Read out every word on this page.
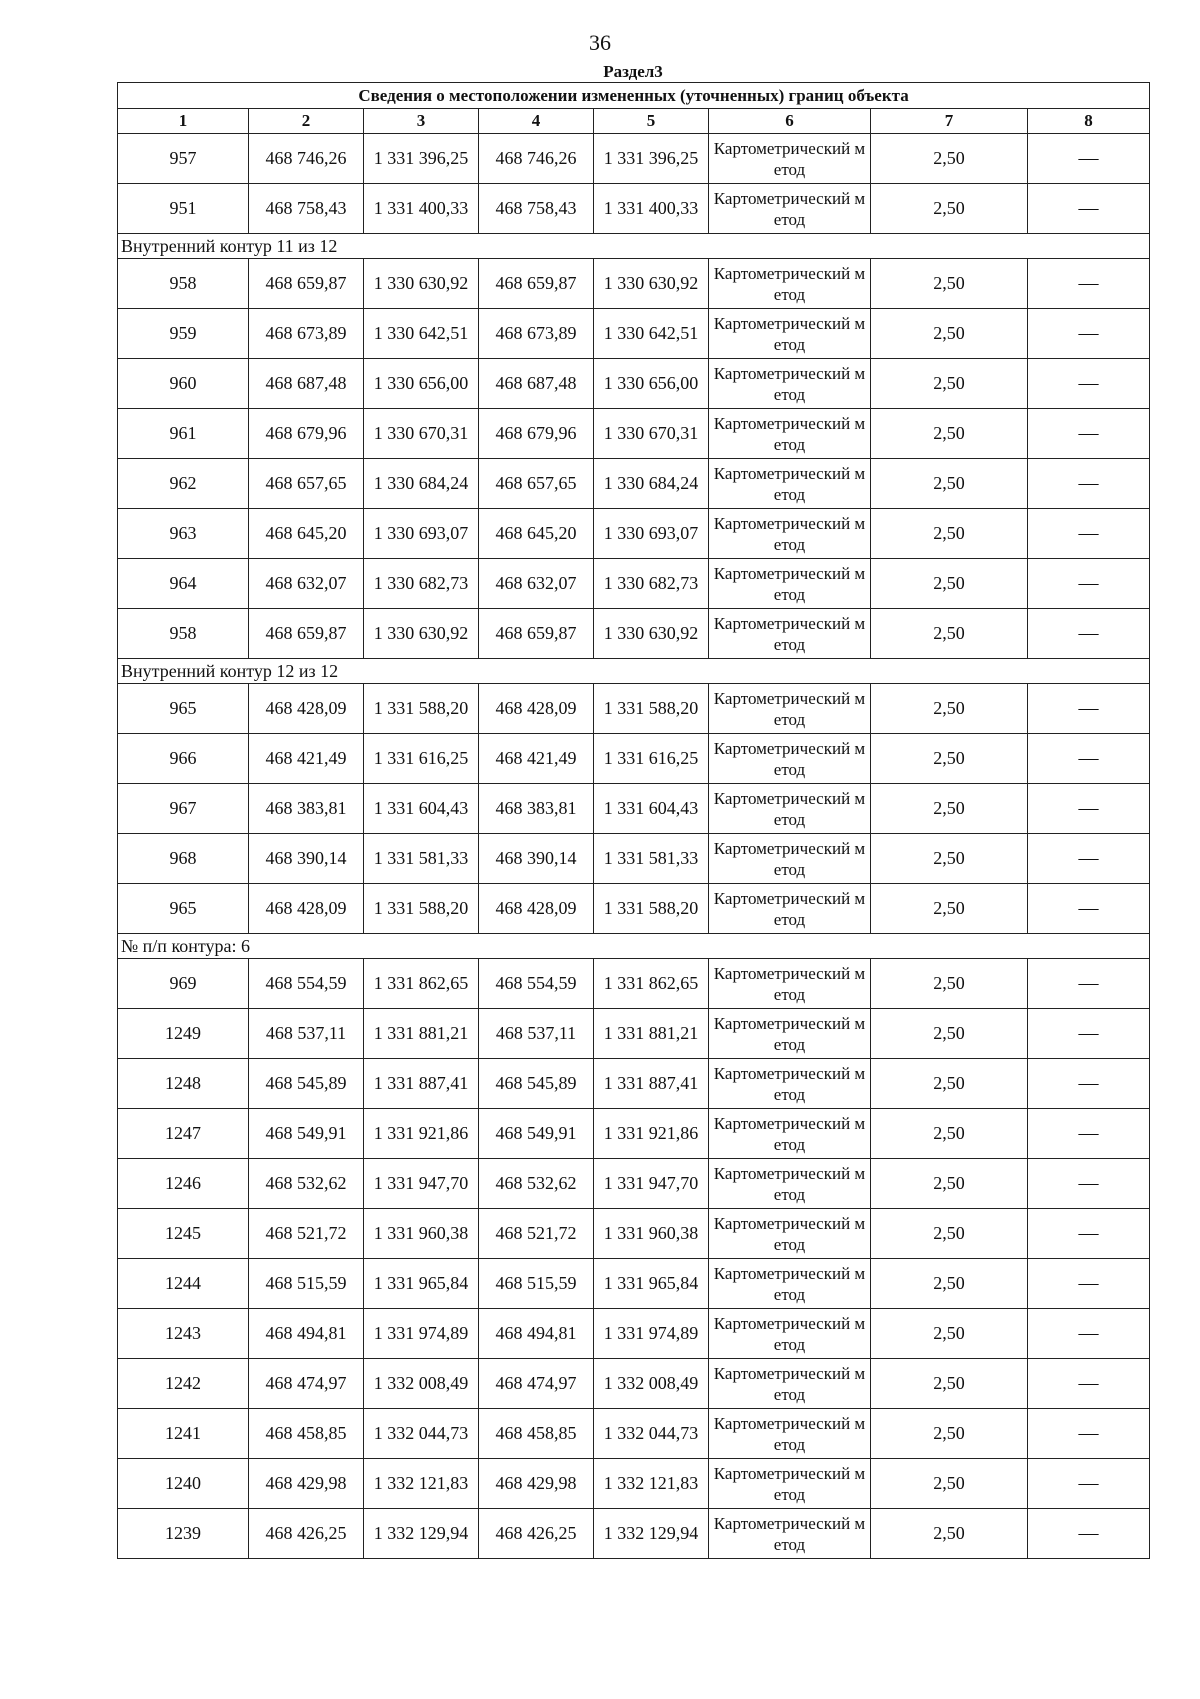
36
Раздел3
Сведения о местоположении измененных (уточненных) границ объекта							
1	2	3	4	5	6	7	8
957	468 746,26	1 331 396,25	468 746,26	1 331 396,25	Картометрический метод	2,50	—
951	468 758,43	1 331 400,33	468 758,43	1 331 400,33	Картометрический метод	2,50	—
Внутренний контур 11 из 12							
958	468 659,87	1 330 630,92	468 659,87	1 330 630,92	Картометрический метод	2,50	—
959	468 673,89	1 330 642,51	468 673,89	1 330 642,51	Картометрический метод	2,50	—
960	468 687,48	1 330 656,00	468 687,48	1 330 656,00	Картометрический метод	2,50	—
961	468 679,96	1 330 670,31	468 679,96	1 330 670,31	Картометрический метод	2,50	—
962	468 657,65	1 330 684,24	468 657,65	1 330 684,24	Картометрический метод	2,50	—
963	468 645,20	1 330 693,07	468 645,20	1 330 693,07	Картометрический метод	2,50	—
964	468 632,07	1 330 682,73	468 632,07	1 330 682,73	Картометрический метод	2,50	—
958	468 659,87	1 330 630,92	468 659,87	1 330 630,92	Картометрический метод	2,50	—
Внутренний контур 12 из 12							
965	468 428,09	1 331 588,20	468 428,09	1 331 588,20	Картометрический метод	2,50	—
966	468 421,49	1 331 616,25	468 421,49	1 331 616,25	Картометрический метод	2,50	—
967	468 383,81	1 331 604,43	468 383,81	1 331 604,43	Картометрический метод	2,50	—
968	468 390,14	1 331 581,33	468 390,14	1 331 581,33	Картометрический метод	2,50	—
965	468 428,09	1 331 588,20	468 428,09	1 331 588,20	Картометрический метод	2,50	—
№ п/п контура: 6							
969	468 554,59	1 331 862,65	468 554,59	1 331 862,65	Картометрический метод	2,50	—
1249	468 537,11	1 331 881,21	468 537,11	1 331 881,21	Картометрический метод	2,50	—
1248	468 545,89	1 331 887,41	468 545,89	1 331 887,41	Картометрический метод	2,50	—
1247	468 549,91	1 331 921,86	468 549,91	1 331 921,86	Картометрический метод	2,50	—
1246	468 532,62	1 331 947,70	468 532,62	1 331 947,70	Картометрический метод	2,50	—
1245	468 521,72	1 331 960,38	468 521,72	1 331 960,38	Картометрический метод	2,50	—
1244	468 515,59	1 331 965,84	468 515,59	1 331 965,84	Картометрический метод	2,50	—
1243	468 494,81	1 331 974,89	468 494,81	1 331 974,89	Картометрический метод	2,50	—
1242	468 474,97	1 332 008,49	468 474,97	1 332 008,49	Картометрический метод	2,50	—
1241	468 458,85	1 332 044,73	468 458,85	1 332 044,73	Картометрический метод	2,50	—
1240	468 429,98	1 332 121,83	468 429,98	1 332 121,83	Картометрический метод	2,50	—
1239	468 426,25	1 332 129,94	468 426,25	1 332 129,94	Картометрический метод	2,50	—
